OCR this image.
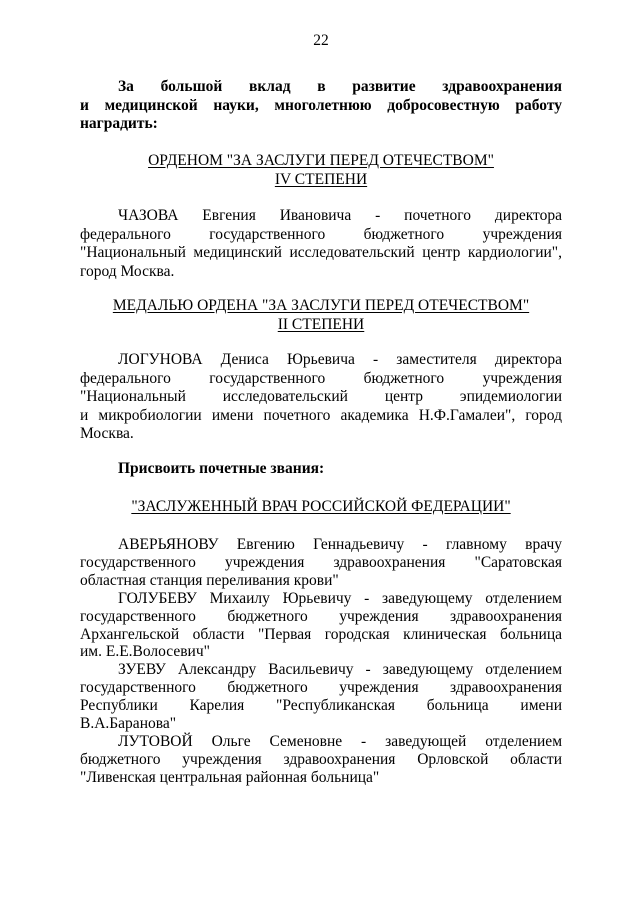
22
За большой вклад в развитие здравоохранения
и медицинской науки, многолетнюю добросовестную работу
наградить:
ОРДЕНОМ "ЗА ЗАСЛУГИ ПЕРЕД ОТЕЧЕСТВОМ"
IV СТЕПЕНИ
ЧАЗОВА Евгения Ивановича - почетного директора
федерального государственного бюджетного учреждения
"Национальный медицинский исследовательский центр кардиологии",
город Москва.
МЕДАЛЬЮ ОРДЕНА "ЗА ЗАСЛУГИ ПЕРЕД ОТЕЧЕСТВОМ"
II СТЕПЕНИ
ЛОГУНОВА Дениса Юрьевича - заместителя директора
федерального государственного бюджетного учреждения
"Национальный исследовательский центр эпидемиологии
и микробиологии имени почетного академика Н.Ф.Гамалеи", город
Москва.
Присвоить почетные звания:
"ЗАСЛУЖЕННЫЙ ВРАЧ РОССИЙСКОЙ ФЕДЕРАЦИИ"
АВЕРЬЯНОВУ Евгению Геннадьевичу - главному врачу
государственного учреждения здравоохранения "Саратовская
областная станция переливания крови"
ГОЛУБЕВУ Михаилу Юрьевичу - заведующему отделением
государственного бюджетного учреждения здравоохранения
Архангельской области "Первая городская клиническая больница
им. Е.Е.Волосевич"
ЗУЕВУ Александру Васильевичу - заведующему отделением
государственного бюджетного учреждения здравоохранения
Республики Карелия "Республиканская больница имени
В.А.Баранова"
ЛУТОВОЙ Ольге Семеновне - заведующей отделением
бюджетного учреждения здравоохранения Орловской области
"Ливенская центральная районная больница"
